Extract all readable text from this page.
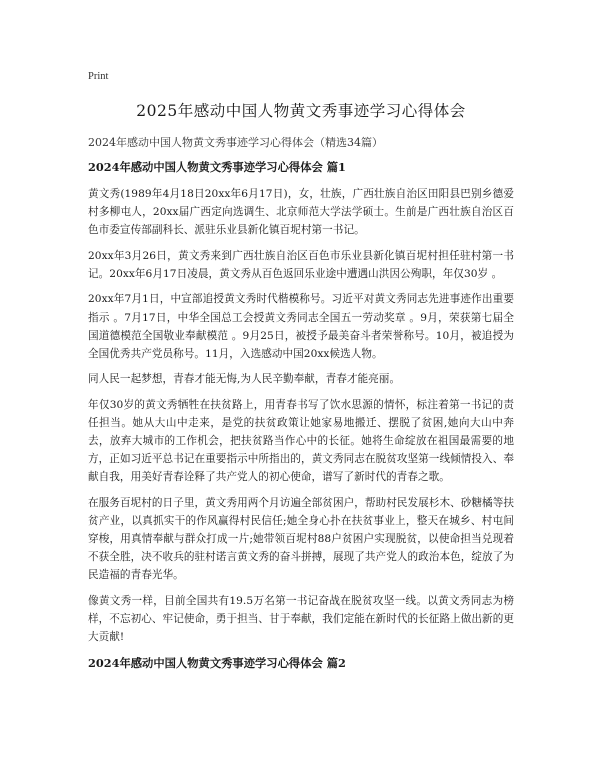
Print
2025年感动中国人物黄文秀事迹学习心得体会

2024年感动中国人物黄文秀事迹学习心得体会（精选34篇）

2024年感动中国人物黄文秀事迹学习心得体会 篇1

黄文秀(1989年4月18日20xx年6月17日)，女，壮族，广西壮族自治区田阳县巴别乡德爱村多柳屯人，20xx届广西定向选调生、北京师范大学法学硕士。生前是广西壮族自治区百色市委宣传部副科长、派驻乐业县新化镇百坭村第一书记。

20xx年3月26日，黄文秀来到广西壮族自治区百色市乐业县新化镇百坭村担任驻村第一书记。20xx年6月17日凌晨，黄文秀从百色返回乐业途中遭遇山洪因公殉职，年仅30岁 。

20xx年7月1日，中宣部追授黄文秀时代楷模称号。习近平对黄文秀同志先进事迹作出重要指示 。7月17日，中华全国总工会授黄文秀同志全国五一劳动奖章 。9月，荣获第七届全国道德模范全国敬业奉献模范 。9月25日，被授予最美奋斗者荣誉称号。10月，被追授为全国优秀共产党员称号。11月，入选感动中国20xx候选人物。

同人民一起梦想，青春才能无悔,为人民辛勤奉献，青春才能亮丽。

年仅30岁的黄文秀牺牲在扶贫路上，用青春书写了饮水思源的情怀，标注着第一书记的责任担当。她从大山中走来，是党的扶贫政策让她家易地搬迁、摆脱了贫困,她向大山中奔去，放弃大城市的工作机会，把扶贫路当作心中的长征。她将生命绽放在祖国最需要的地方，正如习近平总书记在重要指示中所指出的，黄文秀同志在脱贫攻坚第一线倾情投入、奉献自我，用美好青春诠释了共产党人的初心使命，谱写了新时代的青春之歌。

在服务百坭村的日子里，黄文秀用两个月访遍全部贫困户，帮助村民发展杉木、砂糖橘等扶贫产业，以真抓实干的作风赢得村民信任;她全身心扑在扶贫事业上，整天在城乡、村屯间穿梭，用真情奉献与群众打成一片;她带领百坭村88户贫困户实现脱贫，以使命担当兑现着不获全胜，决不收兵的驻村诺言黄文秀的奋斗拼搏，展现了共产党人的政治本色，绽放了为民造福的青春光华。

像黄文秀一样，目前全国共有19.5万名第一书记奋战在脱贫攻坚一线。以黄文秀同志为榜样，不忘初心、牢记使命，勇于担当、甘于奉献，我们定能在新时代的长征路上做出新的更大贡献!

2024年感动中国人物黄文秀事迹学习心得体会 篇2
